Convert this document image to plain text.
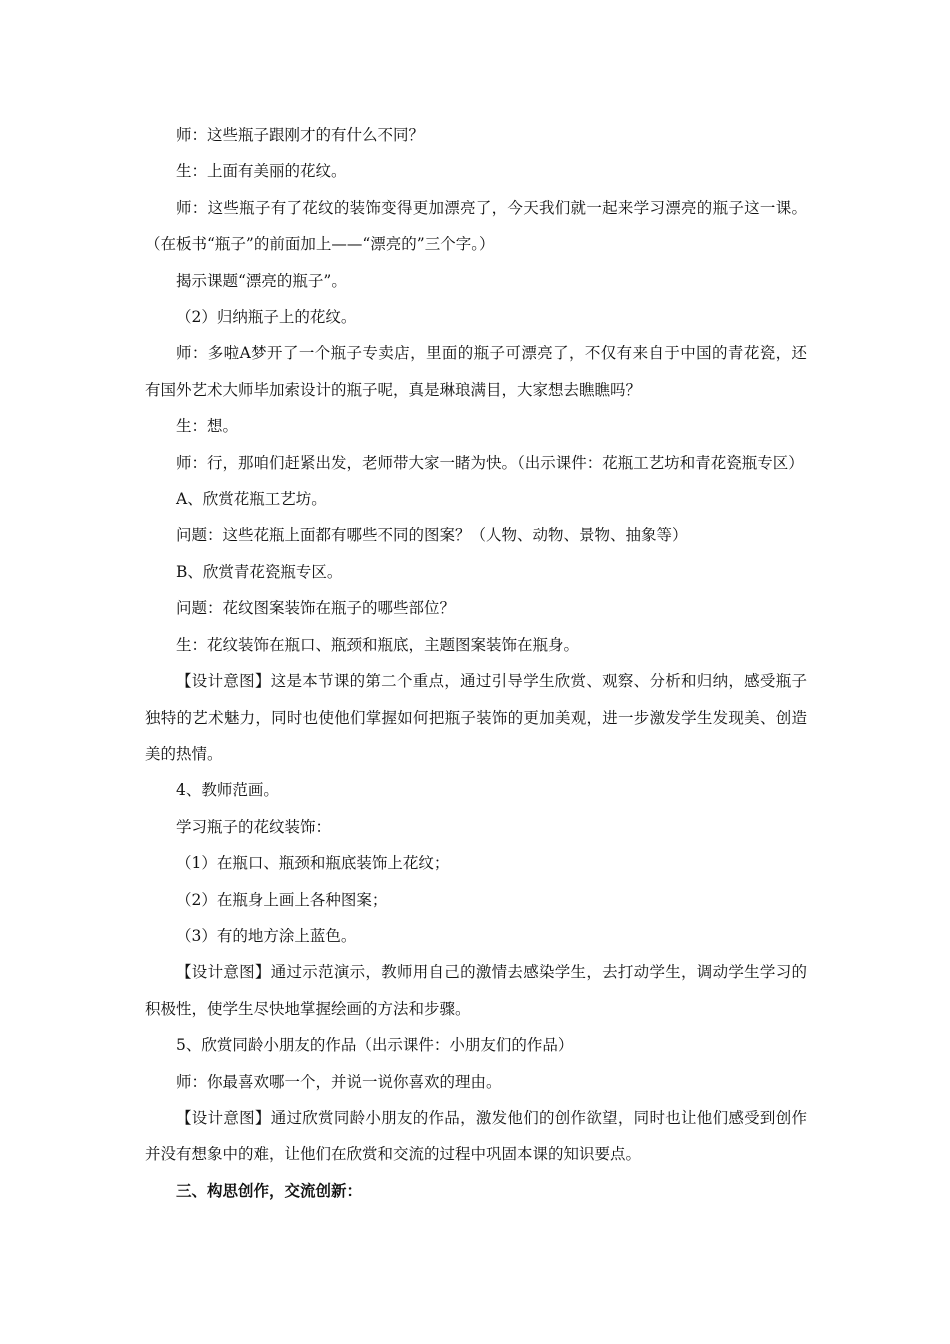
师：这些瓶子跟刚才的有什么不同？

生：上面有美丽的花纹。

师：这些瓶子有了花纹的装饰变得更加漂亮了，今天我们就一起来学习漂亮的瓶子这一课。（在板书“瓶子”的前面加上——“漂亮的”三个字。）

揭示课题“漂亮的瓶子”。

（2）归纳瓶子上的花纹。

师：多啦A梦开了一个瓶子专卖店，里面的瓶子可漂亮了，不仅有来自于中国的青花瓷，还有国外艺术大师毕加索设计的瓶子呢，真是琳琅满目，大家想去瞧瞧吗？

生：想。

师：行，那咱们赶紧出发，老师带大家一睹为快。（出示课件：花瓶工艺坊和青花瓷瓶专区）

A、欣赏花瓶工艺坊。

问题：这些花瓶上面都有哪些不同的图案？（人物、动物、景物、抽象等）

B、欣赏青花瓷瓶专区。

问题：花纹图案装饰在瓶子的哪些部位？

生：花纹装饰在瓶口、瓶颈和瓶底，主题图案装饰在瓶身。

【设计意图】这是本节课的第二个重点，通过引导学生欣赏、观察、分析和归纳，感受瓶子独特的艺术魅力，同时也使他们掌握如何把瓶子装饰的更加美观，进一步激发学生发现美、创造美的热情。

4、教师范画。

学习瓶子的花纹装饰：

（1）在瓶口、瓶颈和瓶底装饰上花纹；

（2）在瓶身上画上各种图案；

（3）有的地方涂上蓝色。

【设计意图】通过示范演示，教师用自己的激情去感染学生，去打动学生，调动学生学习的积极性，使学生尽快地掌握绘画的方法和步骤。

5、欣赏同龄小朋友的作品（出示课件：小朋友们的作品）

师：你最喜欢哪一个，并说一说你喜欢的理由。

【设计意图】通过欣赏同龄小朋友的作品，激发他们的创作欲望，同时也让他们感受到创作并没有想象中的难，让他们在欣赏和交流的过程中巩固本课的知识要点。

三、构思创作，交流创新：
